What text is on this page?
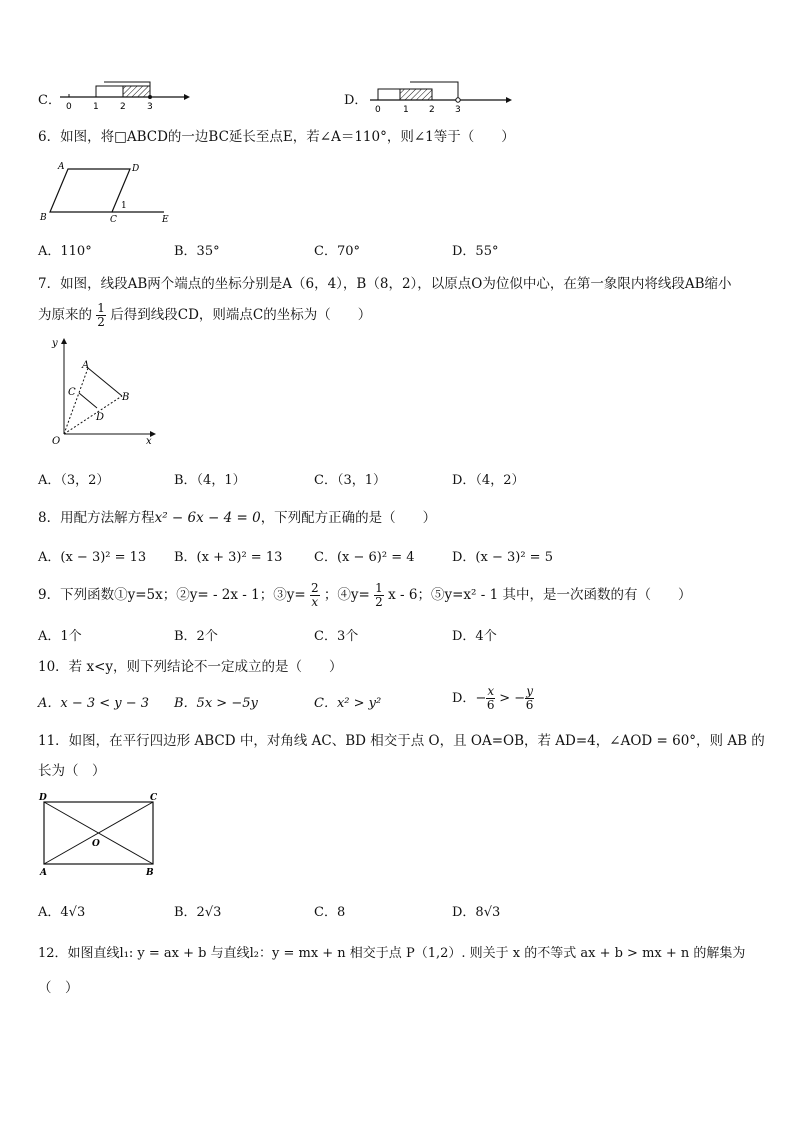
C． 0 1 2 3	D．
0 1 2 3
6．如图，将□ABCD的一边BC延长至点E，若∠A＝110°，则∠1等于（　　）
A	D
B	C
1
E
A．110°	B．35°	C．70°	D．55°
7．如图，线段AB两个端点的坐标分别是A（6，4），B（8，2），以原点O为位似中心，在第一象限内将线段AB缩小
为原来的 $\frac{1}{2}$ 后得到线段CD，则端点C的坐标为（　　）
y
x
O
A
B
C
D
A．（3，2）	B．（4，1）	C．（3，1）	D．（4，2）
8．用配方法解方程x² − 6x − 4 = 0，下列配方正确的是（　　）
A．(x − 3)² = 13 B．(x + 3)² = 13 C．(x − 6)² = 4	D．(x − 3)² = 5
9．下列函数①y=5x；②y= - 2x - 1；③y= $\frac{2}{x}$ ；④y= $\frac{1}{2}$ x - 6；⑤y=x² - 1 其中，是一次函数的有（　　）
A．1个	B．2个	C．3个	D．4个
10．若 x<y，则下列结论不一定成立的是（　　）
A．x − 3 < y − 3 B．5x > −5y	C．x² > y²	D．− $\frac{x}{6}$ > − $\frac{y}{6}$
11．如图，在平行四边形 ABCD 中，对角线 AC、BD 相交于点 O，且 OA=OB，若 AD=4，∠AOD = 60°，则 AB 的
长为（　）
D	C
A	B
O
A．4√3	B．2√3	C．8	D．8√3
12．如图直线l₁: y = ax + b 与直线l₂：y = mx + n 相交于点 P（1,2）. 则关于 x 的不等式 ax + b > mx + n 的解集为
（　）
